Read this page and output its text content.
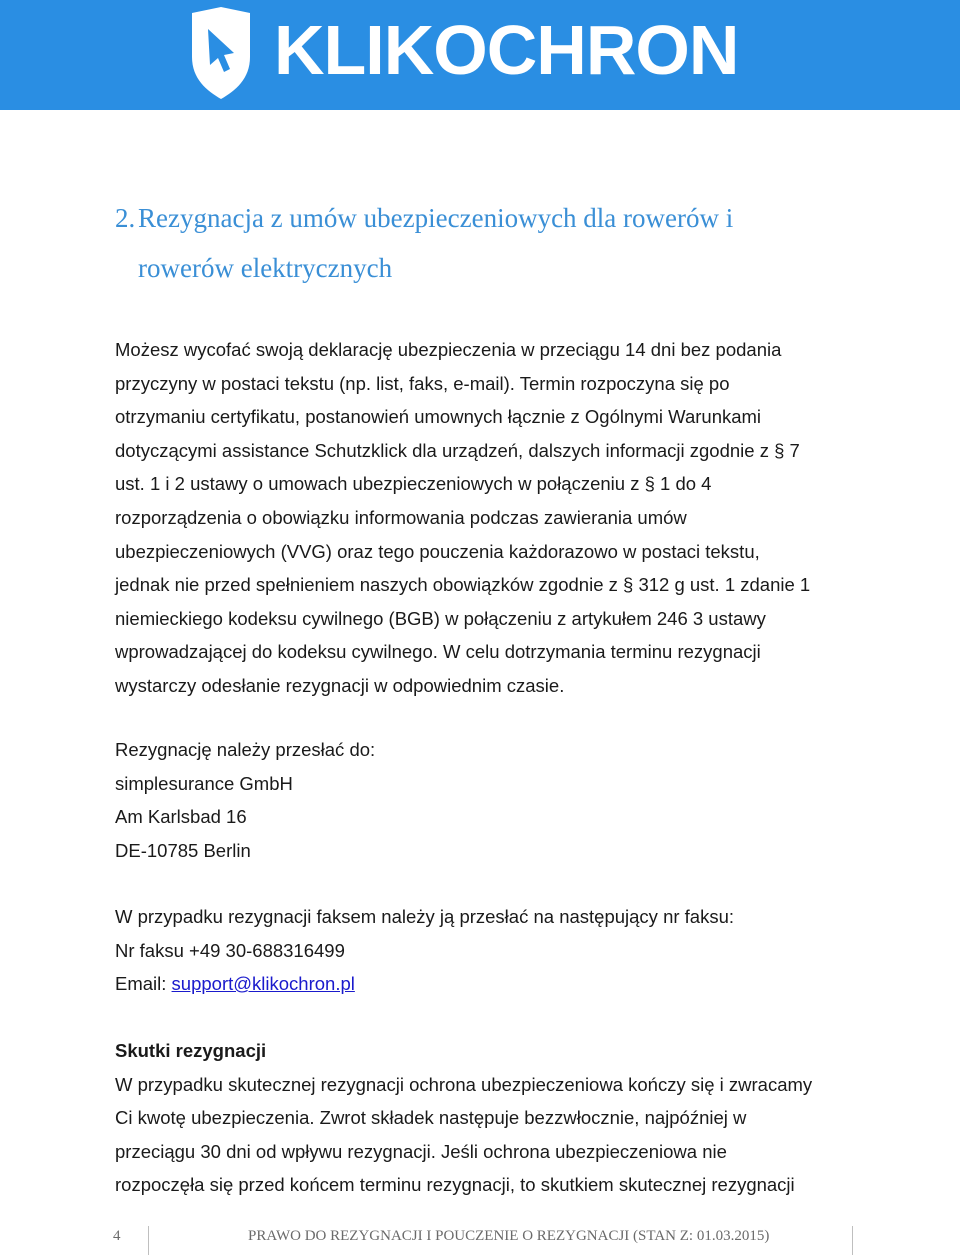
KLIKOCHRON
2. Rezygnacja z umów ubezpieczeniowych dla rowerów i
rowerów elektrycznych
Możesz wycofać swoją deklarację ubezpieczenia w przeciągu 14 dni bez podania
przyczyny w postaci tekstu (np. list, faks, e-mail). Termin rozpoczyna się po
otrzymaniu certyfikatu, postanowień umownych łącznie z Ogólnymi Warunkami
dotyczącymi assistance Schutzklick dla urządzeń, dalszych informacji zgodnie z § 7
ust. 1 i 2 ustawy o umowach ubezpieczeniowych w połączeniu z § 1 do 4
rozporządzenia o obowiązku informowania podczas zawierania umów
ubezpieczeniowych (VVG) oraz tego pouczenia każdorazowo w postaci tekstu,
jednak nie przed spełnieniem naszych obowiązków zgodnie z § 312 g ust. 1 zdanie 1
niemieckiego kodeksu cywilnego (BGB) w połączeniu z artykułem 246 3 ustawy
wprowadzającej do kodeksu cywilnego. W celu dotrzymania terminu rezygnacji
wystarczy odesłanie rezygnacji w odpowiednim czasie.
Rezygnację należy przesłać do:
simplesurance GmbH
Am Karlsbad 16
DE-10785 Berlin
W przypadku rezygnacji faksem należy ją przesłać na następujący nr faksu:
Nr faksu +49 30-688316499
Email: support@klikochron.pl
Skutki rezygnacji
W przypadku skutecznej rezygnacji ochrona ubezpieczeniowa kończy się i zwracamy
Ci kwotę ubezpieczenia. Zwrot składek następuje bezzwłocznie, najpóźniej w
przeciągu 30 dni od wpływu rezygnacji. Jeśli ochrona ubezpieczeniowa nie
rozpoczęła się przed końcem terminu rezygnacji, to skutkiem skutecznej rezygnacji
4	PRAWO DO REZYGNACJI I POUCZENIE O REZYGNACJI (STAN Z: 01.03.2015)
